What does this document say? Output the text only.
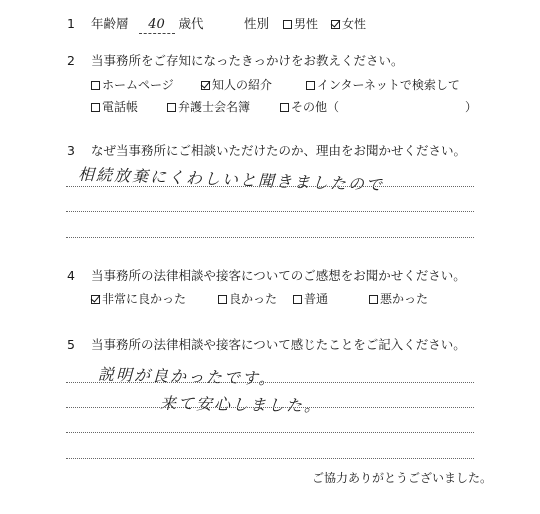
1 年齢層 40 歳代	性別 男性 女性
2 当事務所をご存知になったきっかけをお教えください。
ホームページ	知人の紹介	インターネットで検索して
電話帳	弁護士会名簿	その他（	）
3 なぜ当事務所にご相談いただけたのか、理由をお聞かせください。
相続放棄にくわしいと聞きましたので
4 当事務所の法律相談や接客についてのご感想をお聞かせください。
非常に良かった	良かった 普通	悪かった
5 当事務所の法律相談や接客について感じたことをご記入ください。
説明が良かったです。
来て安心しました。
ご協力ありがとうございました。
